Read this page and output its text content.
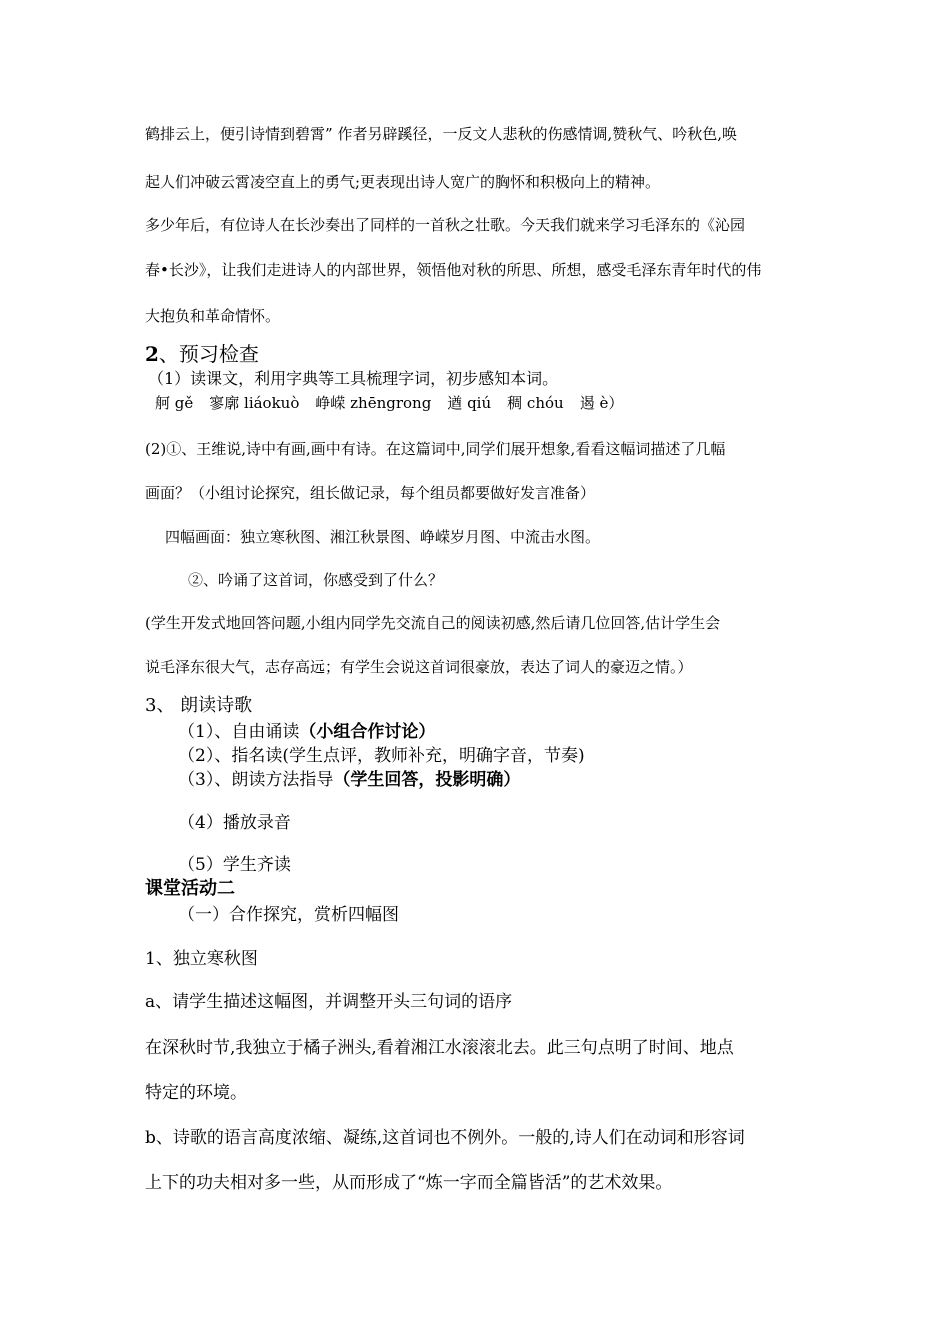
鹤排云上，便引诗情到碧霄” 作者另辟蹊径，一反文人悲秋的伤感情调,赞秋气、吟秋色,唤
起人们冲破云霄凌空直上的勇气;更表现出诗人宽广的胸怀和积极向上的精神。
多少年后，有位诗人在长沙奏出了同样的一首秋之壮歌。今天我们就来学习毛泽东的《沁园
春•长沙》，让我们走进诗人的内部世界，领悟他对秋的所思、所想，感受毛泽东青年时代的伟
大抱负和革命情怀。
2、预习检查
（1）读课文，利用字典等工具梳理字词，初步感知本词。
舸 gě 寥廓 liáokuò 峥嵘 zhēngrong 遒 qiú 稠 chóu 遏 è）
(2)①、王维说,诗中有画,画中有诗。在这篇词中,同学们展开想象,看看这幅词描述了几幅
画面？（小组讨论探究，组长做记录，每个组员都要做好发言准备）
四幅画面：独立寒秋图、湘江秋景图、峥嵘岁月图、中流击水图。
②、吟诵了这首词，你感受到了什么？
(学生开发式地回答问题,小组内同学先交流自己的阅读初感,然后请几位回答,估计学生会
说毛泽东很大气，志存高远；有学生会说这首词很豪放，表达了词人的豪迈之情。）
3、 朗读诗歌
（1）、自由诵读（小组合作讨论）
（2）、指名读(学生点评，教师补充，明确字音，节奏)
（3）、朗读方法指导（学生回答，投影明确）
（4）播放录音
（5）学生齐读
课堂活动二
（一）合作探究，赏析四幅图
1、独立寒秋图
a、请学生描述这幅图，并调整开头三句词的语序
在深秋时节,我独立于橘子洲头,看着湘江水滚滚北去。此三句点明了时间、地点
特定的环境。
b、诗歌的语言高度浓缩、凝练,这首词也不例外。一般的,诗人们在动词和形容词
上下的功夫相对多一些，从而形成了“炼一字而全篇皆活”的艺术效果。
